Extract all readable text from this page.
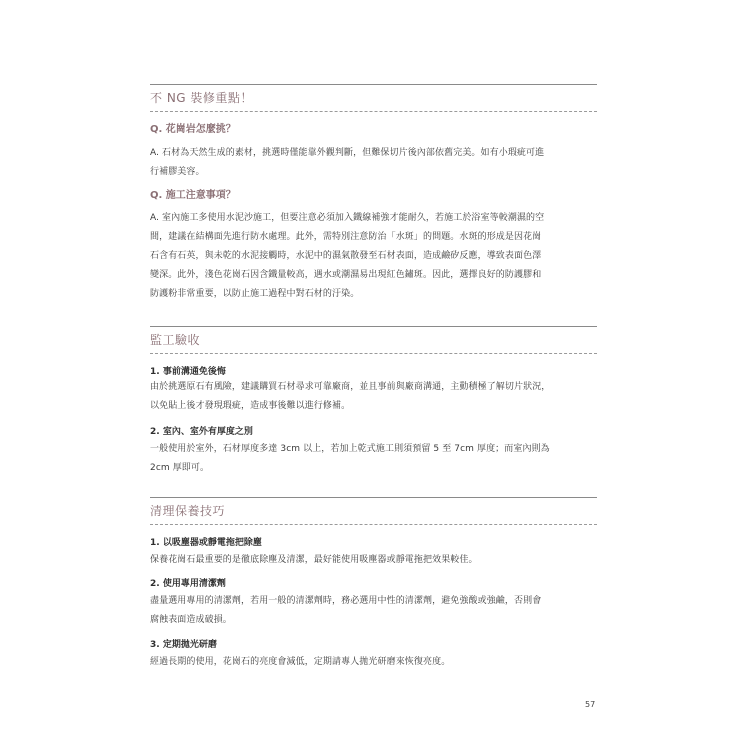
不 NG 裝修重點！

Q. 花崗岩怎麼挑？

A. 石材為天然生成的素材，挑選時僅能靠外觀判斷，但難保切片後內部依舊完美。如有小瑕疵可進

行補膠美容。

Q. 施工注意事項？

A. 室內施工多使用水泥沙施工，但要注意必須加入鐵線補強才能耐久，若施工於浴室等較潮濕的空

間，建議在結構面先進行防水處理。此外，需特別注意防治「水斑」的問題。水斑的形成是因花崗

石含有石英，與未乾的水泥接觸時，水泥中的濕氣散發至石材表面，造成鹼矽反應，導致表面色澤

變深。此外，淺色花崗石因含鐵量較高，遇水或潮濕易出現紅色鏽斑。因此，選擇良好的防護膠和

防護粉非常重要，以防止施工過程中對石材的汙染。

監工驗收

1. 事前溝通免後悔

由於挑選原石有風險，建議購買石材尋求可靠廠商，並且事前與廠商溝通，主動積極了解切片狀況，

以免貼上後才發現瑕疵，造成事後難以進行修補。

2. 室內、室外有厚度之別

一般使用於室外，石材厚度多達 3cm 以上，若加上乾式施工則須預留 5 至 7cm 厚度；而室內則為

2cm 厚即可。

清理保養技巧

1. 以吸塵器或靜電拖把除塵

保養花崗石最重要的是徹底除塵及清潔，最好能使用吸塵器或靜電拖把效果較佳。

2. 使用專用清潔劑

盡量選用專用的清潔劑，若用一般的清潔劑時，務必選用中性的清潔劑，避免強酸或強鹼，否則會

腐蝕表面造成破損。

3. 定期拋光研磨

經過長期的使用，花崗石的亮度會減低，定期請專人拋光研磨來恢復亮度。

57
